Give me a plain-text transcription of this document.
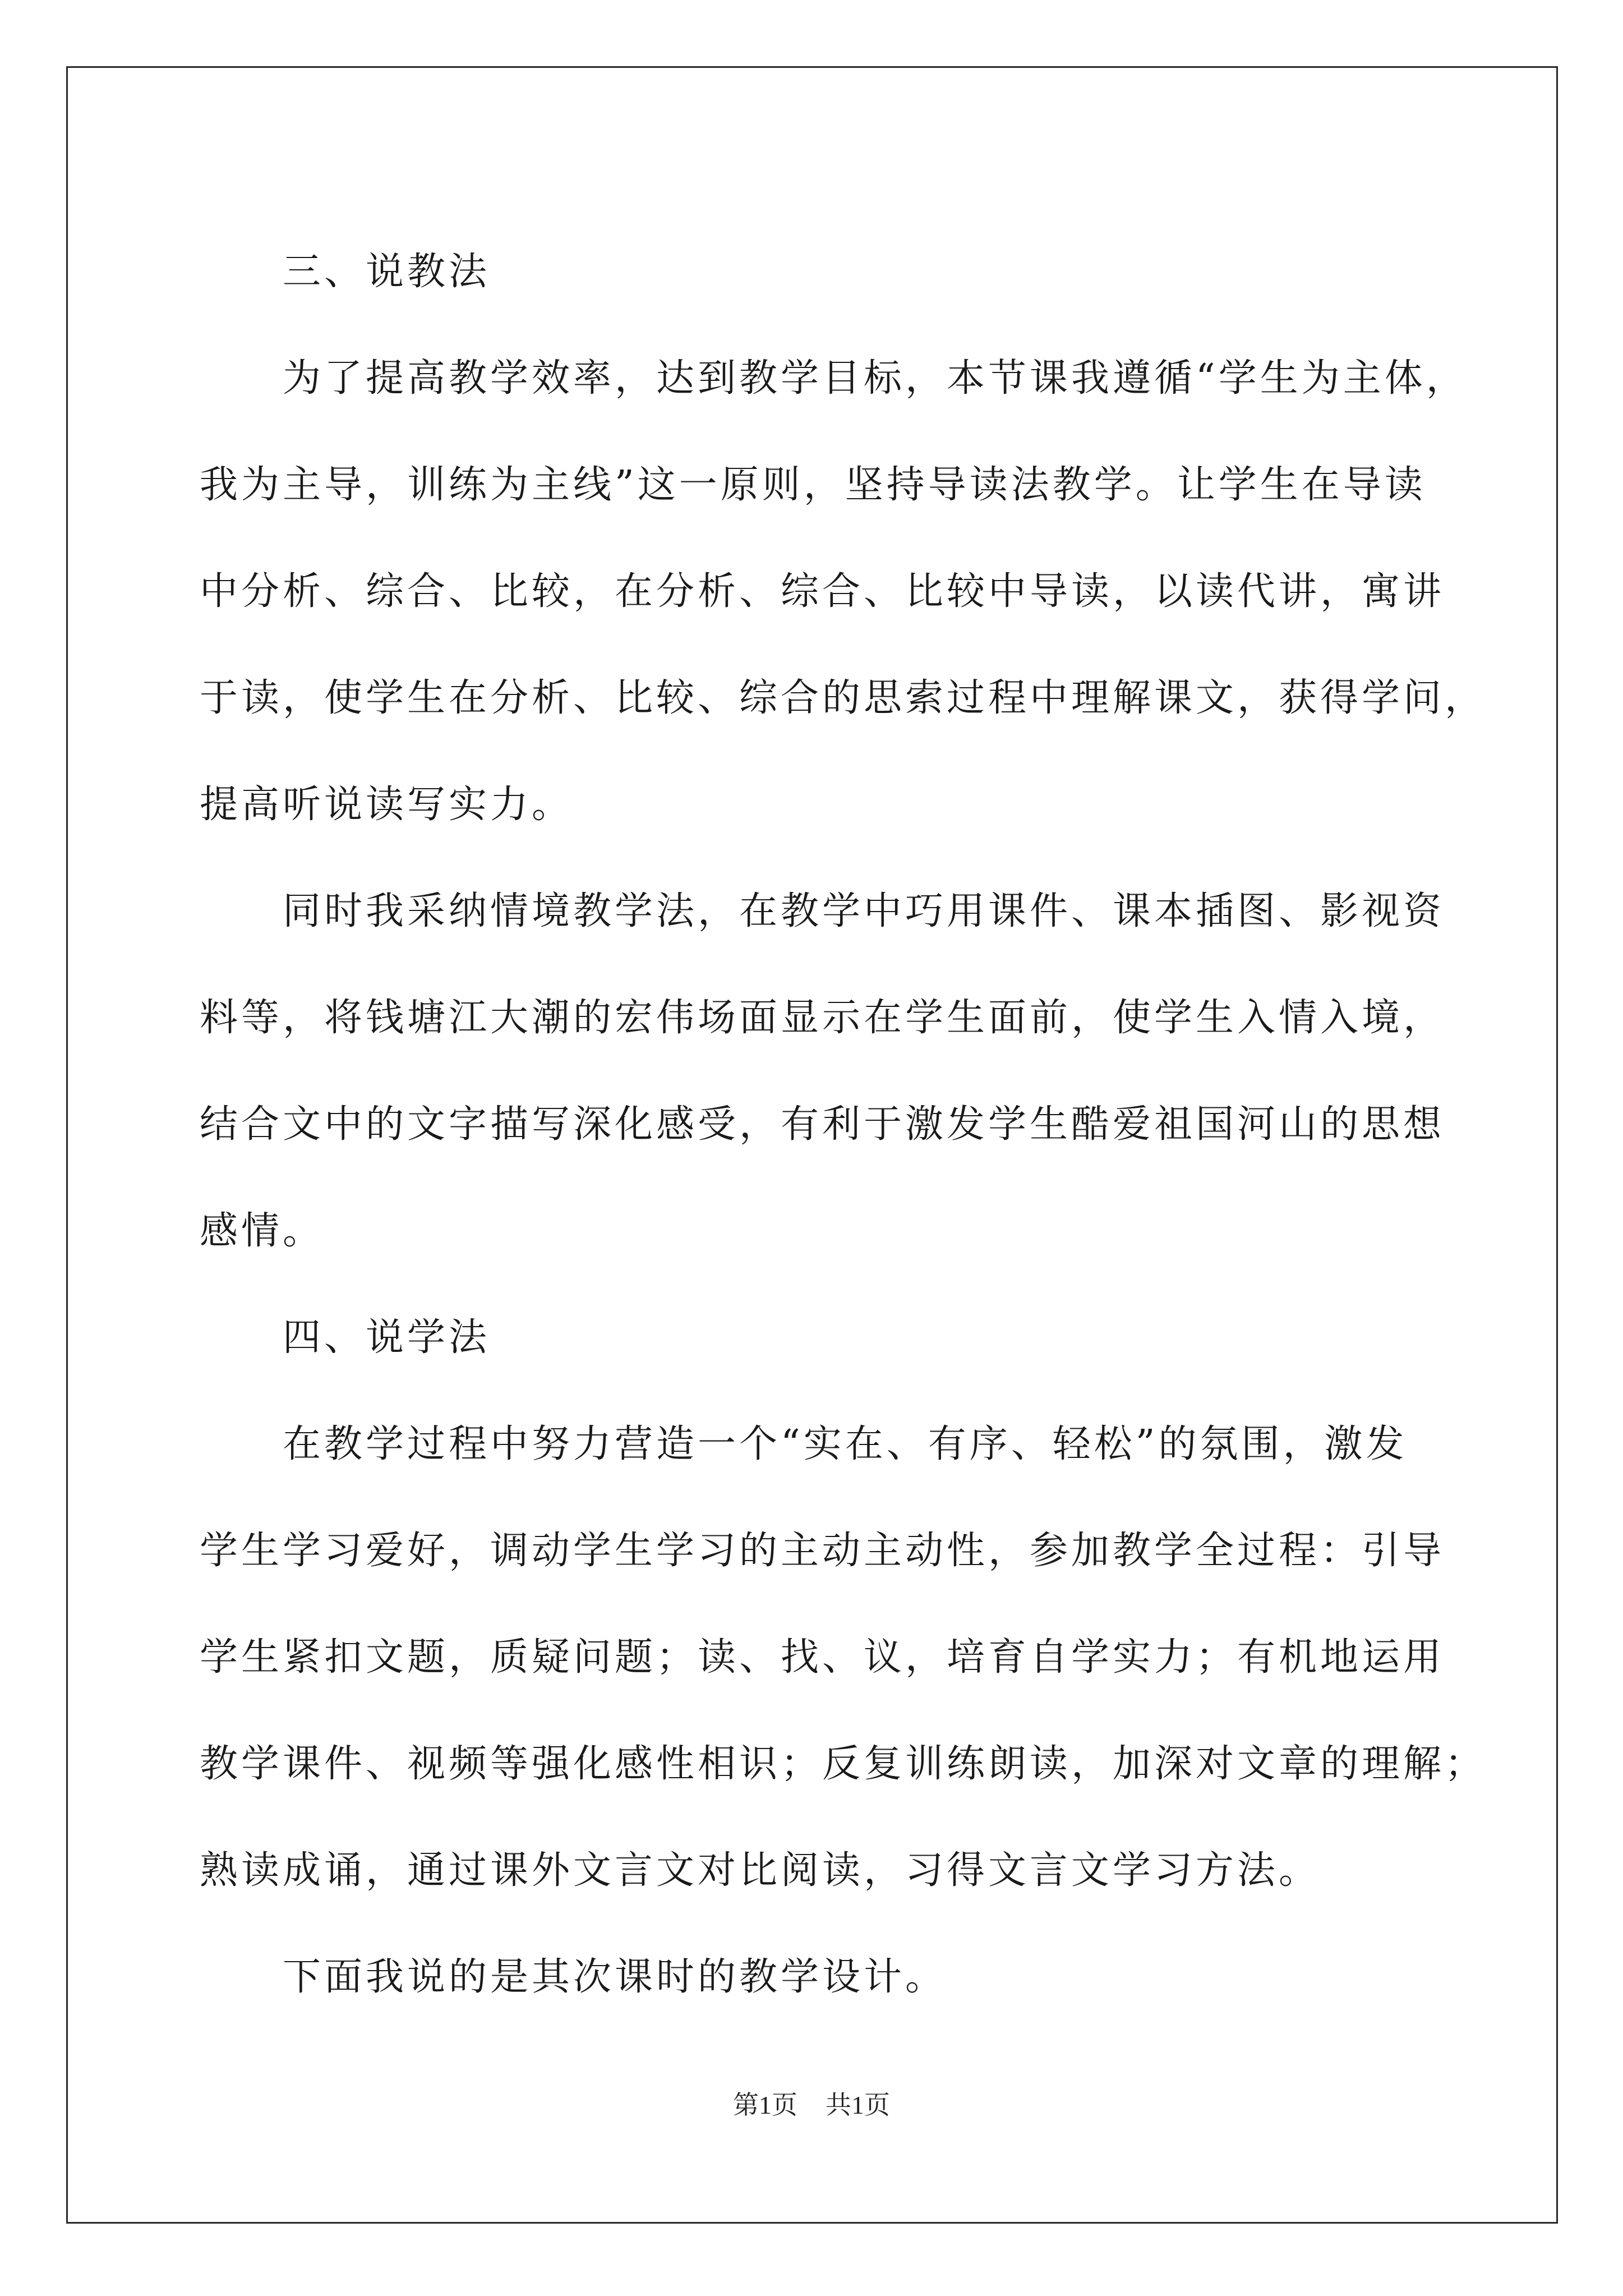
三、说教法
为了提高教学效率，达到教学目标，本节课我遵循“学生为主体，
我为主导，训练为主线”这一原则，坚持导读法教学。让学生在导读
中分析、综合、比较，在分析、综合、比较中导读，以读代讲，寓讲
于读，使学生在分析、比较、综合的思索过程中理解课文，获得学问，
提高听说读写实力。
同时我采纳情境教学法，在教学中巧用课件、课本插图、影视资
料等，将钱塘江大潮的宏伟场面显示在学生面前，使学生入情入境，
结合文中的文字描写深化感受，有利于激发学生酷爱祖国河山的思想
感情。
四、说学法
在教学过程中努力营造一个“实在、有序、轻松”的氛围，激发
学生学习爱好，调动学生学习的主动主动性，参加教学全过程：引导
学生紧扣文题，质疑问题；读、找、议，培育自学实力；有机地运用
教学课件、视频等强化感性相识；反复训练朗读，加深对文章的理解；
熟读成诵，通过课外文言文对比阅读，习得文言文学习方法。
下面我说的是其次课时的教学设计。
第1页 共1页
